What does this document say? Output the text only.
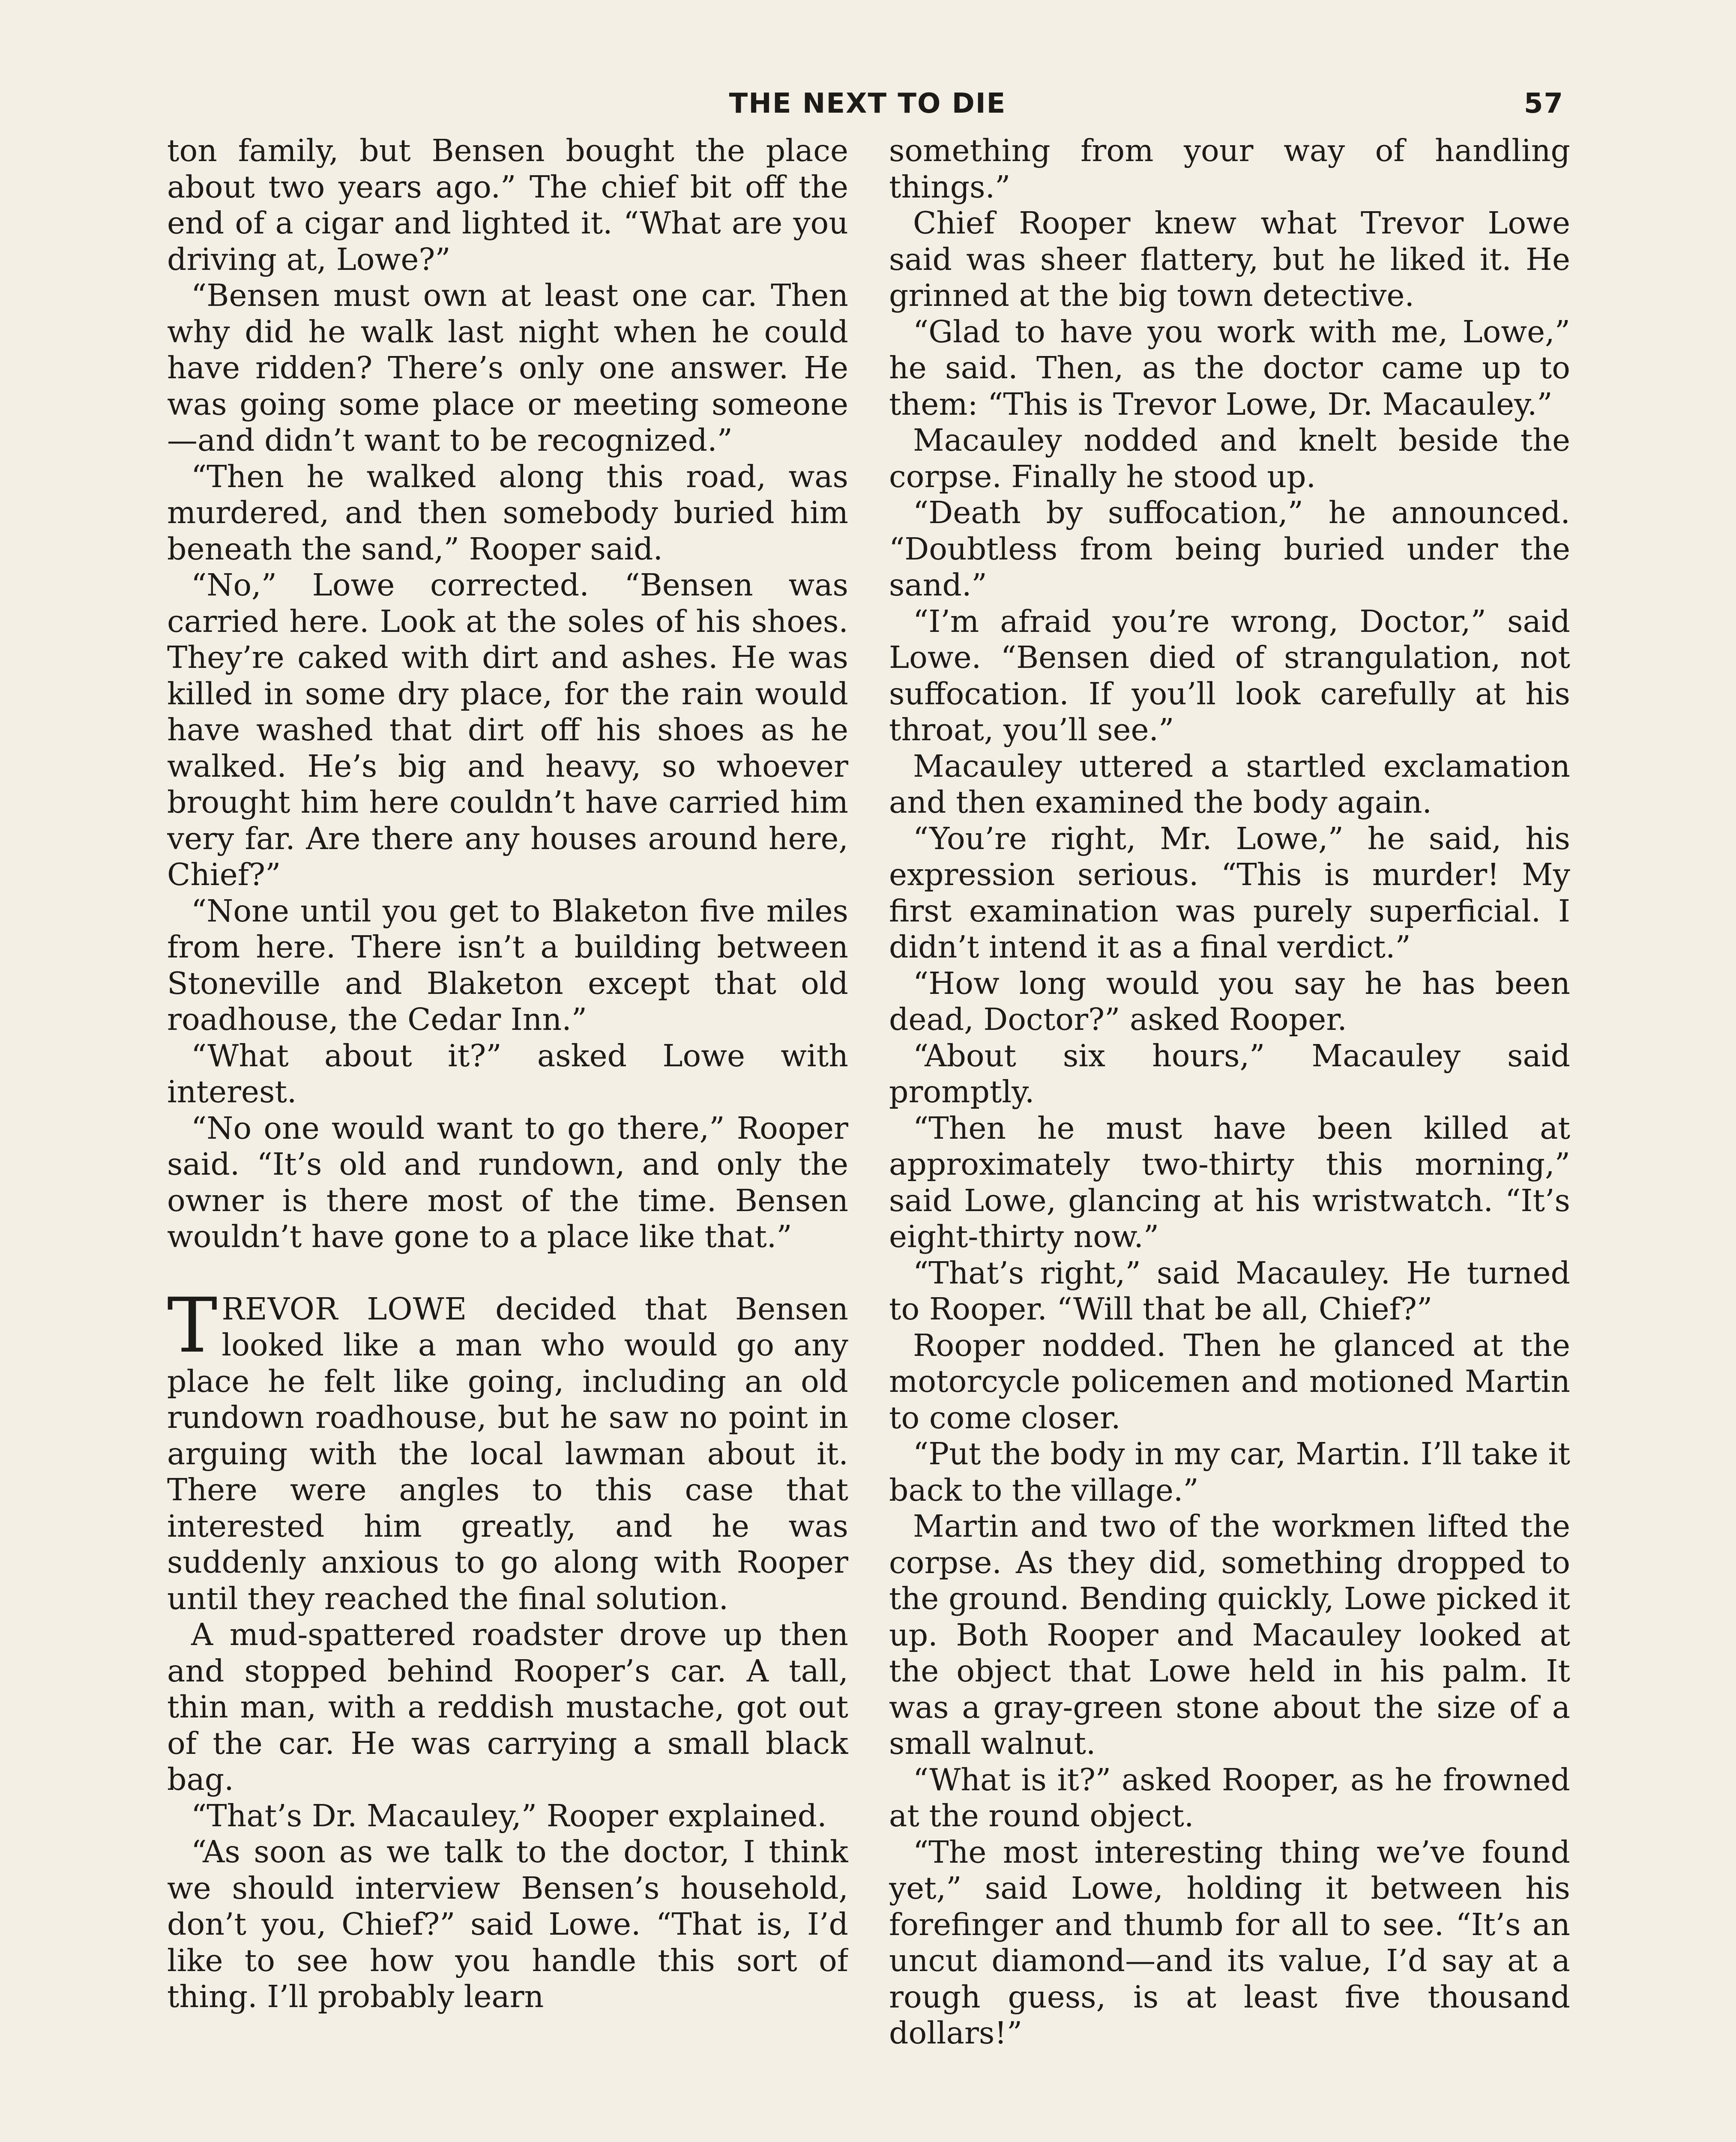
THE NEXT TO DIE	57

ton family, but Bensen bought the place about two years ago.” The chief bit off the end of a cigar and lighted it. “What are you driving at, Lowe?”

“Bensen must own at least one car. Then why did he walk last night when he could have ridden? There’s only one answer. He was going some place or meeting someone—and didn’t want to be recognized.”

“Then he walked along this road, was murdered, and then somebody buried him beneath the sand,” Rooper said.

“No,” Lowe corrected. “Bensen was carried here. Look at the soles of his shoes. They’re caked with dirt and ashes. He was killed in some dry place, for the rain would have washed that dirt off his shoes as he walked. He’s big and heavy, so whoever brought him here couldn’t have carried him very far. Are there any houses around here, Chief?”

“None until you get to Blaketon five miles from here. There isn’t a building between Stoneville and Blaketon except that old roadhouse, the Cedar Inn.”

“What about it?” asked Lowe with interest.

“No one would want to go there,” Rooper said. “It’s old and rundown, and only the owner is there most of the time. Bensen wouldn’t have gone to a place like that.”

TREVOR LOWE decided that Bensen looked like a man who would go any place he felt like going, including an old rundown roadhouse, but he saw no point in arguing with the local lawman about it. There were angles to this case that interested him greatly, and he was suddenly anxious to go along with Rooper until they reached the final solution.

A mud-spattered roadster drove up then and stopped behind Rooper’s car. A tall, thin man, with a reddish mustache, got out of the car. He was carrying a small black bag.

“That’s Dr. Macauley,” Rooper explained.

“As soon as we talk to the doctor, I think we should interview Bensen’s household, don’t you, Chief?” said Lowe. “That is, I’d like to see how you handle this sort of thing. I’ll probably learn

something from your way of handling things.”

Chief Rooper knew what Trevor Lowe said was sheer flattery, but he liked it. He grinned at the big town detective.

“Glad to have you work with me, Lowe,” he said. Then, as the doctor came up to them: “This is Trevor Lowe, Dr. Macauley.”

Macauley nodded and knelt beside the corpse. Finally he stood up.

“Death by suffocation,” he announced. “Doubtless from being buried under the sand.”

“I’m afraid you’re wrong, Doctor,” said Lowe. “Bensen died of strangulation, not suffocation. If you’ll look carefully at his throat, you’ll see.”

Macauley uttered a startled exclamation and then examined the body again.

“You’re right, Mr. Lowe,” he said, his expression serious. “This is murder! My first examination was purely superficial. I didn’t intend it as a final verdict.”

“How long would you say he has been dead, Doctor?” asked Rooper.

“About six hours,” Macauley said promptly.

“Then he must have been killed at approximately two-thirty this morning,” said Lowe, glancing at his wristwatch. “It’s eight-thirty now.”

“That’s right,” said Macauley. He turned to Rooper. “Will that be all, Chief?”

Rooper nodded. Then he glanced at the motorcycle policemen and motioned Martin to come closer.

“Put the body in my car, Martin. I’ll take it back to the village.”

Martin and two of the workmen lifted the corpse. As they did, something dropped to the ground. Bending quickly, Lowe picked it up. Both Rooper and Macauley looked at the object that Lowe held in his palm. It was a gray-green stone about the size of a small walnut.

“What is it?” asked Rooper, as he frowned at the round object.

“The most interesting thing we’ve found yet,” said Lowe, holding it between his forefinger and thumb for all to see. “It’s an uncut diamond—and its value, I’d say at a rough guess, is at least five thousand dollars!”
